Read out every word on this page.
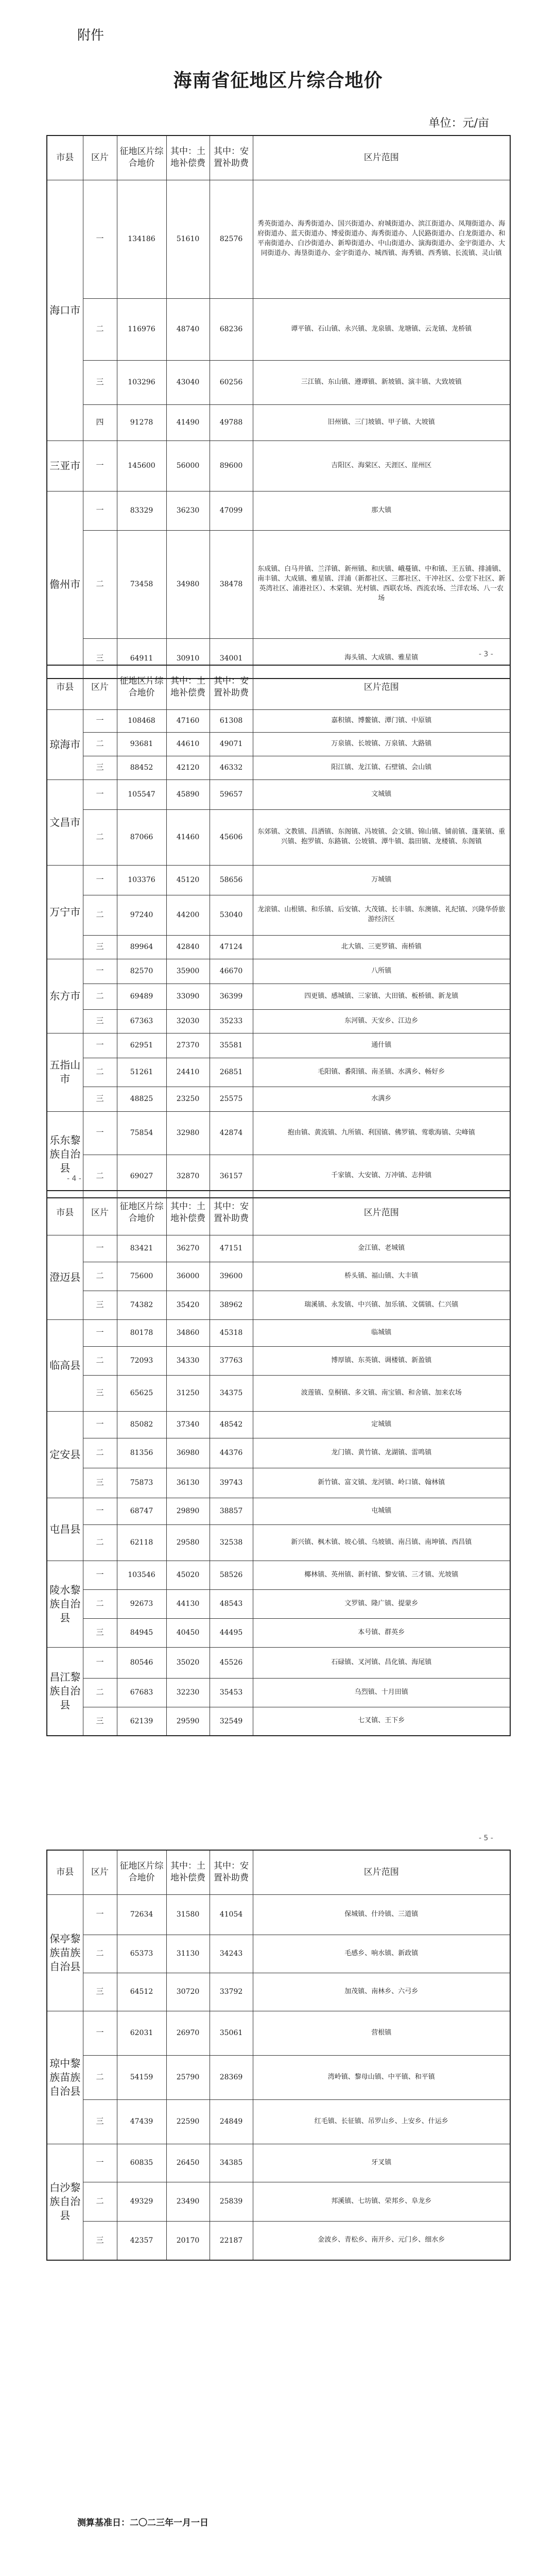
附件
海南省征地区片综合地价
单位：元/亩
市县	区片	征地区片综合地价	其中：土地补偿费	其中：安置补助费	区片范围
海口市	一	134186	51610	82576	秀英街道办、海秀街道办、国兴街道办、府城街道办、滨江街道办、凤翔街道办、海府街道办、蓝天街道办、博爱街道办、海秀街道办、人民路街道办、白龙街道办、和平南街道办、白沙街道办、新埠街道办、中山街道办、演海街道办、金宇街道办、大同街道办、海垦街道办、金字街道办、城西镇、海秀镇、西秀镇、长流镇、灵山镇
	二	116976	48740	68236	谭平镇、石山镇、永兴镇、龙泉镇、龙塘镇、云龙镇、龙桥镇
	三	103296	43040	60256	三江镇、东山镇、遵谭镇、新坡镇、演丰镇、大致坡镇
	四	91278	41490	49788	旧州镇、三门坡镇、甲子镇、大坡镇
三亚市	一	145600	56000	89600	吉阳区、海棠区、天涯区、崖州区
儋州市	一	83329	36230	47099	那大镇
	二	73458	34980	38478	东成镇、白马井镇、兰洋镇、新州镇、和庆镇、峨蔓镇、中和镇、王五镇、排浦镇、南丰镇、大成镇、雅星镇、洋浦（新都社区、三都社区、干冲社区、公堂下社区、新英湾社区、浦港社区）、木棠镇、光村镇、西联农场、西流农场、兰洋农场、八一农场
	三	64911	30910	34001	海头镇、大成镇、雅星镇	- 3 -
市县	区片	征地区片综合地价	其中：土地补偿费	其中：安置补助费	区片范围
琼海市	一	108468	47160	61308	嘉积镇、博鳌镇、潭门镇、中原镇
	二	93681	44610	49071	万泉镇、长坡镇、万泉镇、大路镇
	三	88452	42120	46332	阳江镇、龙江镇、石壁镇、会山镇
文昌市	一	105547	45890	59657	文城镇
	二	87066	41460	45606	东郊镇、文教镇、昌洒镇、东阁镇、冯坡镇、会文镇、锦山镇、铺前镇、蓬莱镇、重兴镇、抱罗镇、东路镇、公坡镇、潭牛镇、翁田镇、龙楼镇、东阁镇
万宁市	一	103376	45120	58656	万城镇
	二	97240	44200	53040	龙滚镇、山根镇、和乐镇、后安镇、大茂镇、长丰镇、东澳镇、礼纪镇、兴隆华侨旅游经济区
	三	89964	42840	47124	北大镇、三更罗镇、南桥镇
东方市	一	82570	35900	46670	八所镇
	二	69489	33090	36399	四更镇、感城镇、三家镇、大田镇、板桥镇、新龙镇
	三	67363	32030	35233	东河镇、天安乡、江边乡
五指山市	一	62951	27370	35581	通什镇
	二	51261	24410	26851	毛阳镇、番阳镇、南圣镇、水满乡、畅好乡
	三	48825	23250	25575	水满乡
乐东黎族自治县	一	75854	32980	42874	抱由镇、黄流镇、九所镇、利国镇、佛罗镇、莺歌海镇、尖峰镇
	二	69027	32870	36157	千家镇、大安镇、万冲镇、志仲镇
- 4 -
市县	区片	征地区片综合地价	其中：土地补偿费	其中：安置补助费	区片范围
澄迈县	一	83421	36270	47151	金江镇、老城镇
	二	75600	36000	39600	桥头镇、福山镇、大丰镇
	三	74382	35420	38962	瑞溪镇、永发镇、中兴镇、加乐镇、文儒镇、仁兴镇
临高县	一	80178	34860	45318	临城镇
	二	72093	34330	37763	博厚镇、东英镇、调楼镇、新盈镇
	三	65625	31250	34375	波莲镇、皇桐镇、多文镇、南宝镇、和舍镇、加来农场
定安县	一	85082	37340	48542	定城镇
	二	81356	36980	44376	龙门镇、黄竹镇、龙湖镇、雷鸣镇
	三	75873	36130	39743	新竹镇、富文镇、龙河镇、岭口镇、翰林镇
屯昌县	一	68747	29890	38857	屯城镇
	二	62118	29580	32538	新兴镇、枫木镇、坡心镇、乌坡镇、南吕镇、南坤镇、西昌镇
陵水黎族自治县	一	103546	45020	58526	椰林镇、英州镇、新村镇、黎安镇、三才镇、光坡镇
	二	92673	44130	48543	文罗镇、隆广镇、提蒙乡
	三	84945	40450	44495	本号镇、群英乡
昌江黎族自治县	一	80546	35020	45526	石碌镇、叉河镇、昌化镇、海尾镇
	二	67683	32230	35453	乌烈镇、十月田镇
	三	62139	29590	32549	七叉镇、王下乡
- 5 -
市县	区片	征地区片综合地价	其中：土地补偿费	其中：安置补助费	区片范围
保亭黎族苗族自治县	一	72634	31580	41054	保城镇、什玲镇、三道镇
	二	65373	31130	34243	毛感乡、响水镇、新政镇
	三	64512	30720	33792	加茂镇、南林乡、六弓乡
琼中黎族苗族自治县	一	62031	26970	35061	营根镇
	二	54159	25790	28369	湾岭镇、黎母山镇、中平镇、和平镇
	三	47439	22590	24849	红毛镇、长征镇、吊罗山乡、上安乡、什运乡
白沙黎族自治县	一	60835	26450	34385	牙叉镇
	二	49329	23490	25839	邦溪镇、七坊镇、荣邦乡、阜龙乡
	三	42357	20170	22187	金波乡、青松乡、南开乡、元门乡、细水乡
测算基准日：二〇二三年一月一日
